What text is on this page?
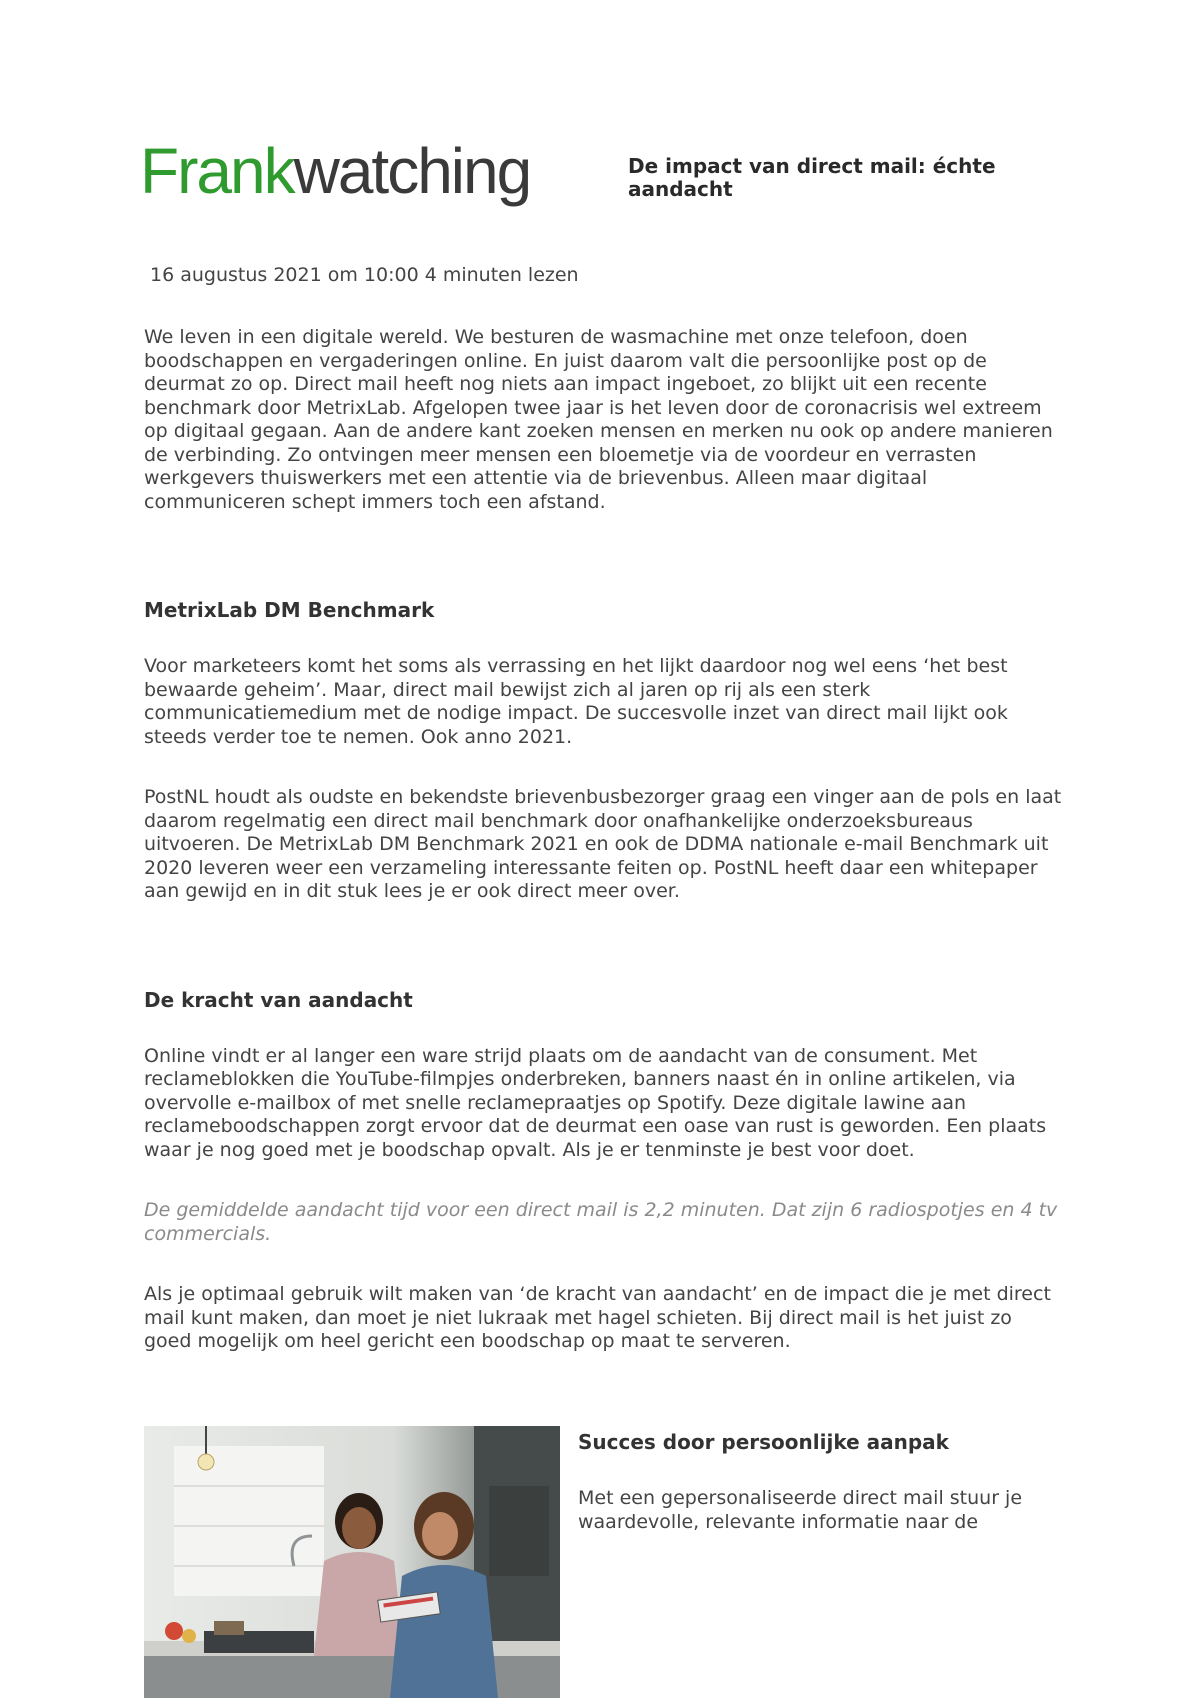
Frankwatching	De impact van direct mail: échte aandacht

16 augustus 2021 om 10:00 4 minuten lezen

We leven in een digitale wereld. We besturen de wasmachine met onze telefoon, doen boodschappen en vergaderingen online. En juist daarom valt die persoonlijke post op de deurmat zo op. Direct mail heeft nog niets aan impact ingeboet, zo blijkt uit een recente benchmark door MetrixLab. Afgelopen twee jaar is het leven door de coronacrisis wel extreem op digitaal gegaan. Aan de andere kant zoeken mensen en merken nu ook op andere manieren de verbinding. Zo ontvingen meer mensen een bloemetje via de voordeur en verrasten werkgevers thuiswerkers met een attentie via de brievenbus. Alleen maar digitaal communiceren schept immers toch een afstand.

MetrixLab DM Benchmark

Voor marketeers komt het soms als verrassing en het lijkt daardoor nog wel eens ‘het best bewaarde geheim’. Maar, direct mail bewijst zich al jaren op rij als een sterk communicatiemedium met de nodige impact. De succesvolle inzet van direct mail lijkt ook steeds verder toe te nemen. Ook anno 2021.

PostNL houdt als oudste en bekendste brievenbusbezorger graag een vinger aan de pols en laat daarom regelmatig een direct mail benchmark door onafhankelijke onderzoeksbureaus uitvoeren. De MetrixLab DM Benchmark 2021 en ook de DDMA nationale e-mail Benchmark uit 2020 leveren weer een verzameling interessante feiten op. PostNL heeft daar een whitepaper aan gewijd en in dit stuk lees je er ook direct meer over.

De kracht van aandacht

Online vindt er al langer een ware strijd plaats om de aandacht van de consument. Met reclameblokken die YouTube-filmpjes onderbreken, banners naast én in online artikelen, via overvolle e-mailbox of met snelle reclamepraatjes op Spotify. Deze digitale lawine aan reclameboodschappen zorgt ervoor dat de deurmat een oase van rust is geworden. Een plaats waar je nog goed met je boodschap opvalt. Als je er tenminste je best voor doet.

De gemiddelde aandacht tijd voor een direct mail is 2,2 minuten. Dat zijn 6 radiospotjes en 4 tv commercials.

Als je optimaal gebruik wilt maken van ‘de kracht van aandacht’ en de impact die je met direct mail kunt maken, dan moet je niet lukraak met hagel schieten. Bij direct mail is het juist zo goed mogelijk om heel gericht een boodschap op maat te serveren.

Succes door persoonlijke aanpak

Met een gepersonaliseerde direct mail stuur je waardevolle, relevante informatie naar de
